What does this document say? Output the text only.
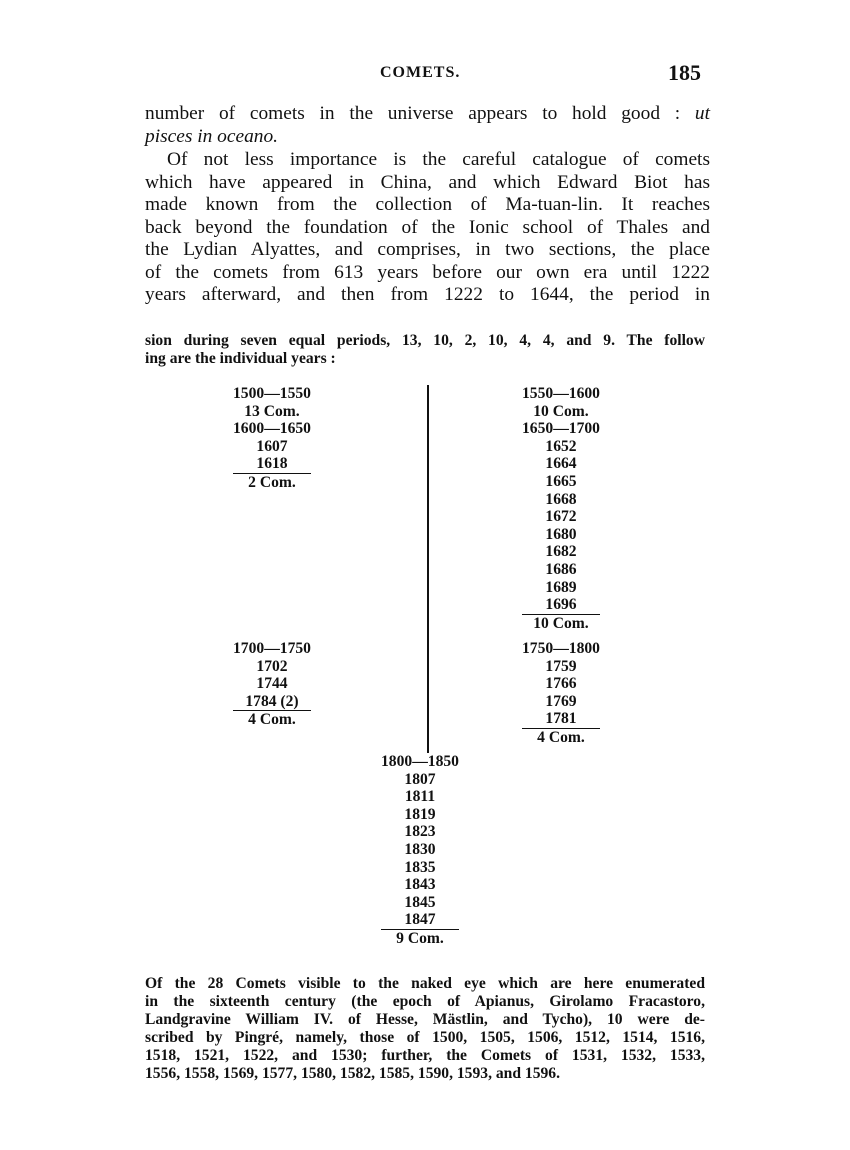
COMETS.	185

number of comets in the universe appears to hold good : ut
pisces in oceano.

Of not less importance is the careful catalogue of comets
which have appeared in China, and which Edward Biot has
made known from the collection of Ma-tuan-lin. It reaches
back beyond the foundation of the Ionic school of Thales and
the Lydian Alyattes, and comprises, in two sections, the place
of the comets from 613 years before our own era until 1222
years afterward, and then from 1222 to 1644, the period in

sion during seven equal periods, 13, 10, 2, 10, 4, 4, and 9. The follow
ing are the individual years :

1500—1550
13 Com.
1600—1650
1607
1618
2 Com.
1550—1600
10 Com.
1650—1700
1652
1664
1665
1668
1672
1680
1682
1686
1689
1696
10 Com.
1700—1750
1702
1744
1784 (2)
4 Com.
1750—1800
1759
1766
1769
1781
4 Com.
1800—1850
1807
1811
1819
1823
1830
1835
1843
1845
1847
9 Com.

Of the 28 Comets visible to the naked eye which are here enumerated
in the sixteenth century (the epoch of Apianus, Girolamo Fracastoro,
Landgravine William IV. of Hesse, Mästlin, and Tycho), 10 were de-
scribed by Pingré, namely, those of 1500, 1505, 1506, 1512, 1514, 1516,
1518, 1521, 1522, and 1530; further, the Comets of 1531, 1532, 1533,
1556, 1558, 1569, 1577, 1580, 1582, 1585, 1590, 1593, and 1596.
